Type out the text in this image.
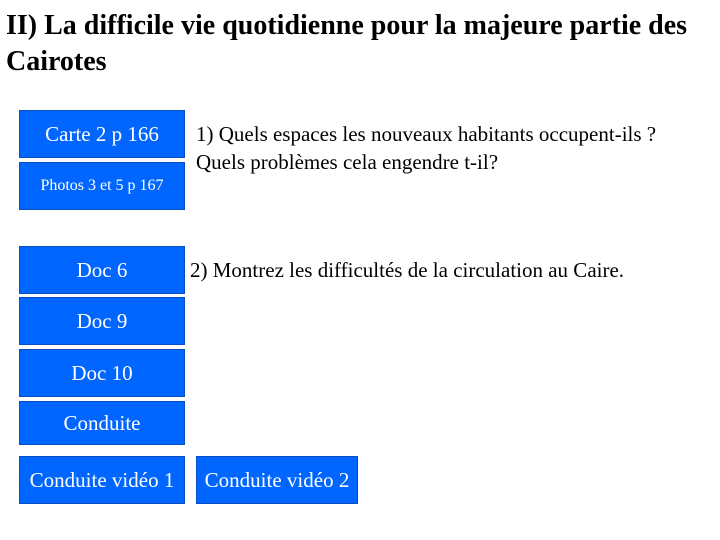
II) La difficile vie quotidienne pour la majeure partie des Cairotes
Carte 2 p 166
Photos 3 et 5 p 167
1) Quels espaces les nouveaux habitants occupent-ils ?
Quels problèmes cela engendre t-il?
Doc 6	2) Montrez les difficultés de la circulation au Caire.
Doc 9
Doc 10
Conduite
Conduite vidéo 1 Conduite vidéo 2
